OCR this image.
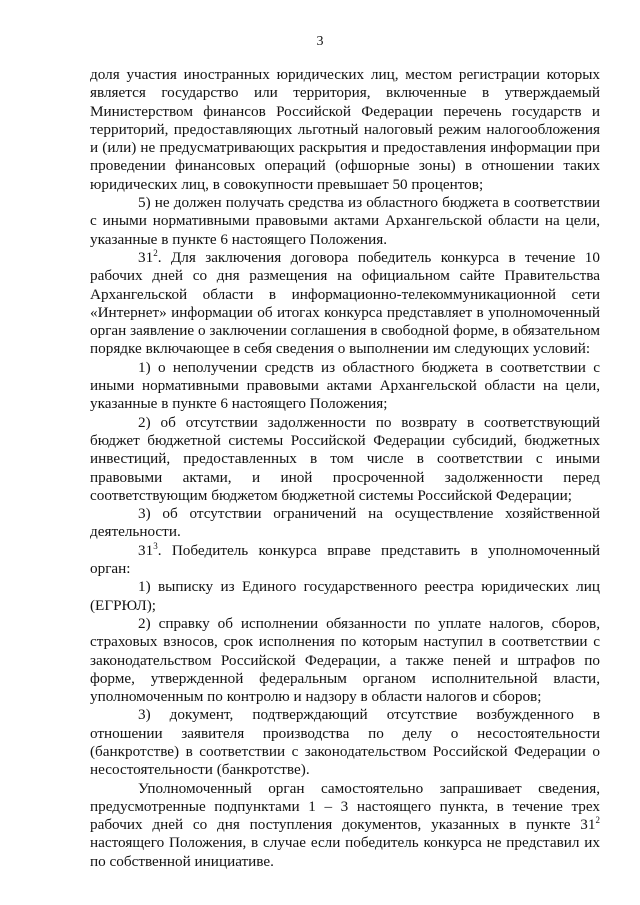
3

доля участия иностранных юридических лиц, местом регистрации которых является государство или территория, включенные в утверждаемый Министерством финансов Российской Федерации перечень государств и территорий, предоставляющих льготный налоговый режим налогообложения и (или) не предусматривающих раскрытия и предоставления информации при проведении финансовых операций (офшорные зоны) в отношении таких юридических лиц, в совокупности превышает 50 процентов;

5) не должен получать средства из областного бюджета в соответствии с иными нормативными правовыми актами Архангельской области на цели, указанные в пункте 6 настоящего Положения.

$31^2$. Для заключения договора победитель конкурса в течение 10 рабочих дней со дня размещения на официальном сайте Правительства Архангельской области в информационно-телекоммуникационной сети «Интернет» информации об итогах конкурса представляет в уполномоченный орган заявление о заключении соглашения в свободной форме, в обязательном порядке включающее в себя сведения о выполнении им следующих условий:

1) о неполучении средств из областного бюджета в соответствии с иными нормативными правовыми актами Архангельской области на цели, указанные в пункте 6 настоящего Положения;

2) об отсутствии задолженности по возврату в соответствующий бюджет бюджетной системы Российской Федерации субсидий, бюджетных инвестиций, предоставленных в том числе в соответствии с иными правовыми актами, и иной просроченной задолженности перед соответствующим бюджетом бюджетной системы Российской Федерации;

3) об отсутствии ограничений на осуществление хозяйственной деятельности.

$31^3$. Победитель конкурса вправе представить в уполномоченный орган:

1) выписку из Единого государственного реестра юридических лиц (ЕГРЮЛ);

2) справку об исполнении обязанности по уплате налогов, сборов, страховых взносов, срок исполнения по которым наступил в соответствии с законодательством Российской Федерации, а также пеней и штрафов по форме, утвержденной федеральным органом исполнительной власти, уполномоченным по контролю и надзору в области налогов и сборов;

3) документ, подтверждающий отсутствие возбужденного в отношении заявителя производства по делу о несостоятельности (банкротстве) в соответствии с законодательством Российской Федерации о несостоятельности (банкротстве).

Уполномоченный орган самостоятельно запрашивает сведения, предусмотренные подпунктами 1 – 3 настоящего пункта, в течение трех рабочих дней со дня поступления документов, указанных в пункте $31^2$ настоящего Положения, в случае если победитель конкурса не представил их по собственной инициативе.
